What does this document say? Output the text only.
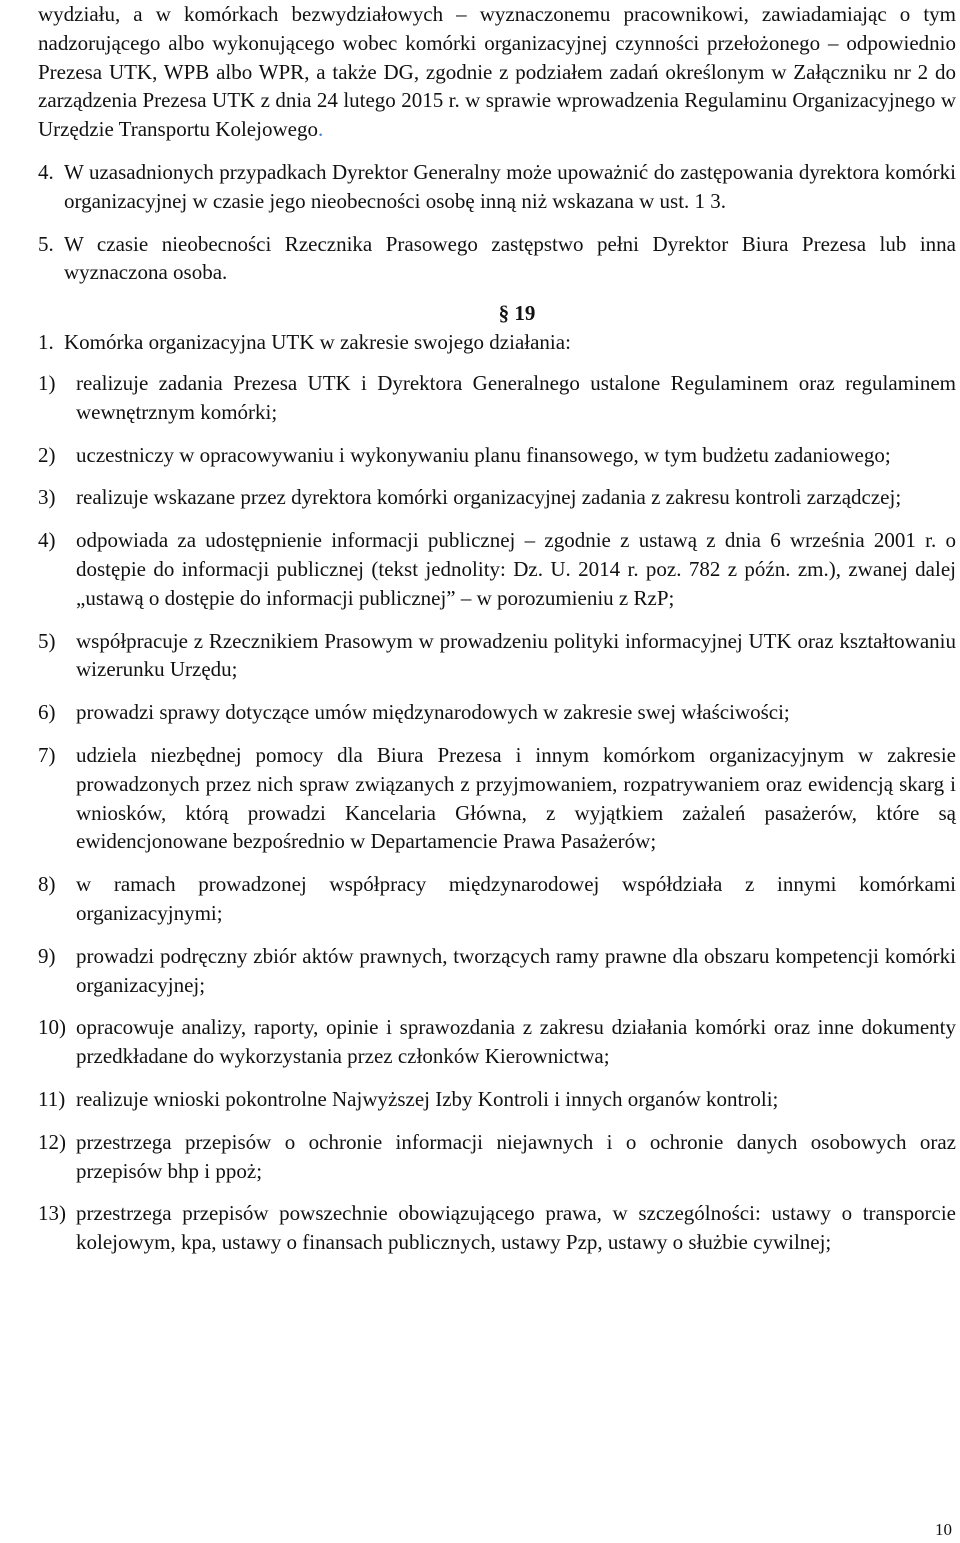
wydziału, a w komórkach bezwydziałowych – wyznaczonemu pracownikowi, zawiadamiając o tym nadzorującego albo wykonującego wobec komórki organizacyjnej czynności przełożonego – odpowiednio Prezesa UTK, WPB albo WPR, a także DG, zgodnie z podziałem zadań określonym w Załączniku nr 2 do zarządzenia Prezesa UTK z dnia 24 lutego 2015 r. w sprawie wprowadzenia Regulaminu Organizacyjnego w Urzędzie Transportu Kolejowego.

4. W uzasadnionych przypadkach Dyrektor Generalny może upoważnić do zastępowania dyrektora komórki organizacyjnej w czasie jego nieobecności osobę inną niż wskazana w ust. 1 3.
5. W czasie nieobecności Rzecznika Prasowego zastępstwo pełni Dyrektor Biura Prezesa lub inna wyznaczona osoba.
§ 19
1. Komórka organizacyjna UTK w zakresie swojego działania:
1) realizuje zadania Prezesa UTK i Dyrektora Generalnego ustalone Regulaminem oraz regulaminem wewnętrznym komórki;
2) uczestniczy w opracowywaniu i wykonywaniu planu finansowego, w tym budżetu zadaniowego;
3) realizuje wskazane przez dyrektora komórki organizacyjnej zadania z zakresu kontroli zarządczej;
4) odpowiada za udostępnienie informacji publicznej – zgodnie z ustawą z dnia 6 września 2001 r. o dostępie do informacji publicznej (tekst jednolity: Dz. U. 2014 r. poz. 782 z późn. zm.), zwanej dalej „ustawą o dostępie do informacji publicznej” – w porozumieniu z RzP;
5) współpracuje z Rzecznikiem Prasowym w prowadzeniu polityki informacyjnej UTK oraz kształtowaniu wizerunku Urzędu;
6) prowadzi sprawy dotyczące umów międzynarodowych w zakresie swej właściwości;
7) udziela niezbędnej pomocy dla Biura Prezesa i innym komórkom organizacyjnym w zakresie prowadzonych przez nich spraw związanych z przyjmowaniem, rozpatrywaniem oraz ewidencją skarg i wniosków, którą prowadzi Kancelaria Główna, z wyjątkiem zażaleń pasażerów, które są ewidencjonowane bezpośrednio w Departamencie Prawa Pasażerów;
8) w ramach prowadzonej współpracy międzynarodowej współdziała z innymi komórkami organizacyjnymi;
9) prowadzi podręczny zbiór aktów prawnych, tworzących ramy prawne dla obszaru kompetencji komórki organizacyjnej;
10) opracowuje analizy, raporty, opinie i sprawozdania z zakresu działania komórki oraz inne dokumenty przedkładane do wykorzystania przez członków Kierownictwa;
11) realizuje wnioski pokontrolne Najwyższej Izby Kontroli i innych organów kontroli;
12) przestrzega przepisów o ochronie informacji niejawnych i o ochronie danych osobowych oraz przepisów bhp i ppoż;
13) przestrzega przepisów powszechnie obowiązującego prawa, w szczególności: ustawy o transporcie kolejowym, kpa, ustawy o finansach publicznych, ustawy Pzp, ustawy o służbie cywilnej;
10
